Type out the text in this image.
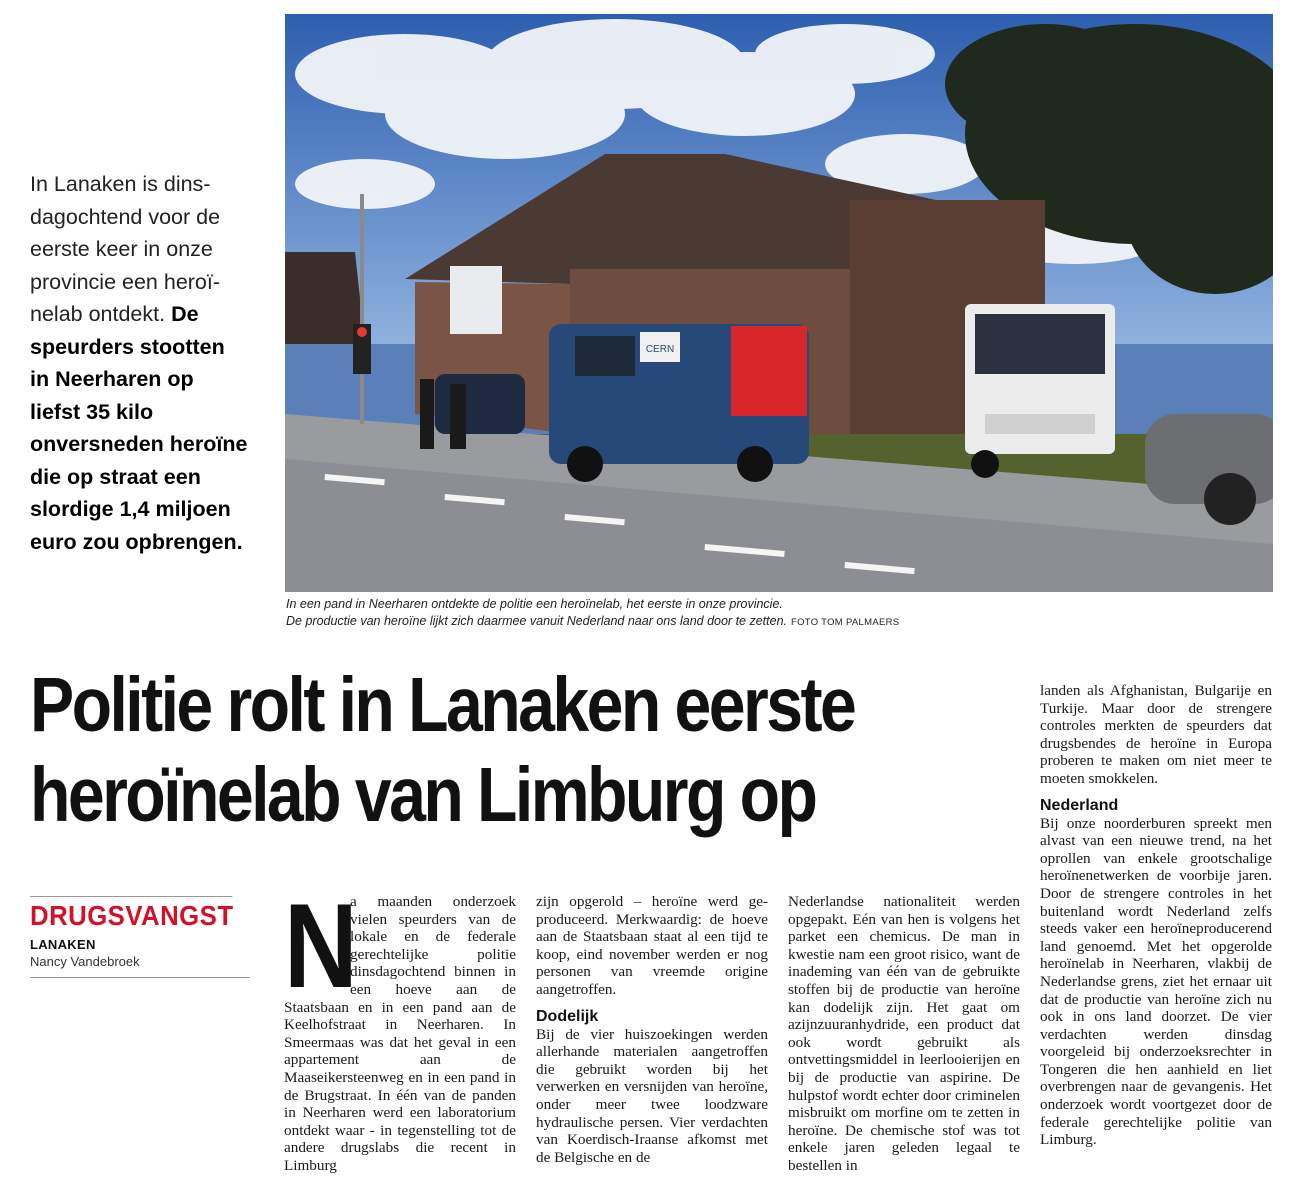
In Lanaken is dinsdagochtend voor de eerste keer in onze provincie een heroïnelab ontdekt. De speurders stootten in Neerharen op liefst 35 kilo onversneden heroïne die op straat een slordige 1,4 miljoen euro zou opbrengen.
CERN
In een pand in Neerharen ontdekte de politie een heroïnelab, het eerste in onze provincie.
De productie van heroïne lijkt zich daarmee vanuit Nederland naar ons land door te zetten. FOTO TOM PALMAERS
Politie rolt in Lanaken eerste
heroïnelab van Limburg op
DRUGSVANGST
LANAKEN
Nancy Vandebroek	N

a maanden onderzoek vielen speurders van de lokale en de federale gerechtelijke politie dinsdagochtend binnen in een hoeve aan de Staatsbaan en in een pand aan de Keelhofstraat in Neerharen. In Smeermaas was dat het geval in een appartement aan de Maaseikersteenweg en in een pand in de Brugstraat. In één van de panden in Neerharen werd een laboratorium ontdekt waar - in tegenstelling tot de andere drugslabs die recent in Limburg

zijn opgerold – heroïne werd geproduceerd. Merkwaardig: de hoeve aan de Staatsbaan staat al een tijd te koop, eind november werden er nog personen van vreemde origine aangetroffen.

Dodelijk

Bij de vier huiszoekingen werden allerhande materialen aangetroffen die gebruikt worden bij het verwerken en versnijden van heroïne, onder meer twee loodzware hydraulische persen. Vier verdachten van Koerdisch-Iraanse afkomst met de Belgische en de

Nederlandse nationaliteit werden opgepakt. Eén van hen is volgens het parket een chemicus. De man in kwestie nam een groot risico, want de inademing van één van de gebruikte stoffen bij de productie van heroïne kan dodelijk zijn. Het gaat om azijnzuuranhydride, een product dat ook wordt gebruikt als ontvettingsmiddel in leerlooierijen en bij de productie van aspirine. De hulpstof wordt echter door criminelen misbruikt om morfine om te zetten in heroïne. De chemische stof was tot enkele jaren geleden legaal te bestellen in

landen als Afghanistan, Bulgarije en Turkije. Maar door de strengere controles merkten de speurders dat drugsbendes de heroïne in Europa proberen te maken om niet meer te moeten smokkelen.

Nederland

Bij onze noorderburen spreekt men alvast van een nieuwe trend, na het oprollen van enkele grootschalige heroïnenetwerken de voorbije jaren. Door de strengere controles in het buitenland wordt Nederland zelfs steeds vaker een heroïneproducerend land genoemd. Met het opgerolde heroïnelab in Neerharen, vlakbij de Nederlandse grens, ziet het ernaar uit dat de productie van heroïne zich nu ook in ons land doorzet. De vier verdachten werden dinsdag voorgeleid bij onderzoeksrechter in Tongeren die hen aanhield en liet overbrengen naar de gevangenis. Het onderzoek wordt voortgezet door de federale gerechtelijke politie van Limburg.
